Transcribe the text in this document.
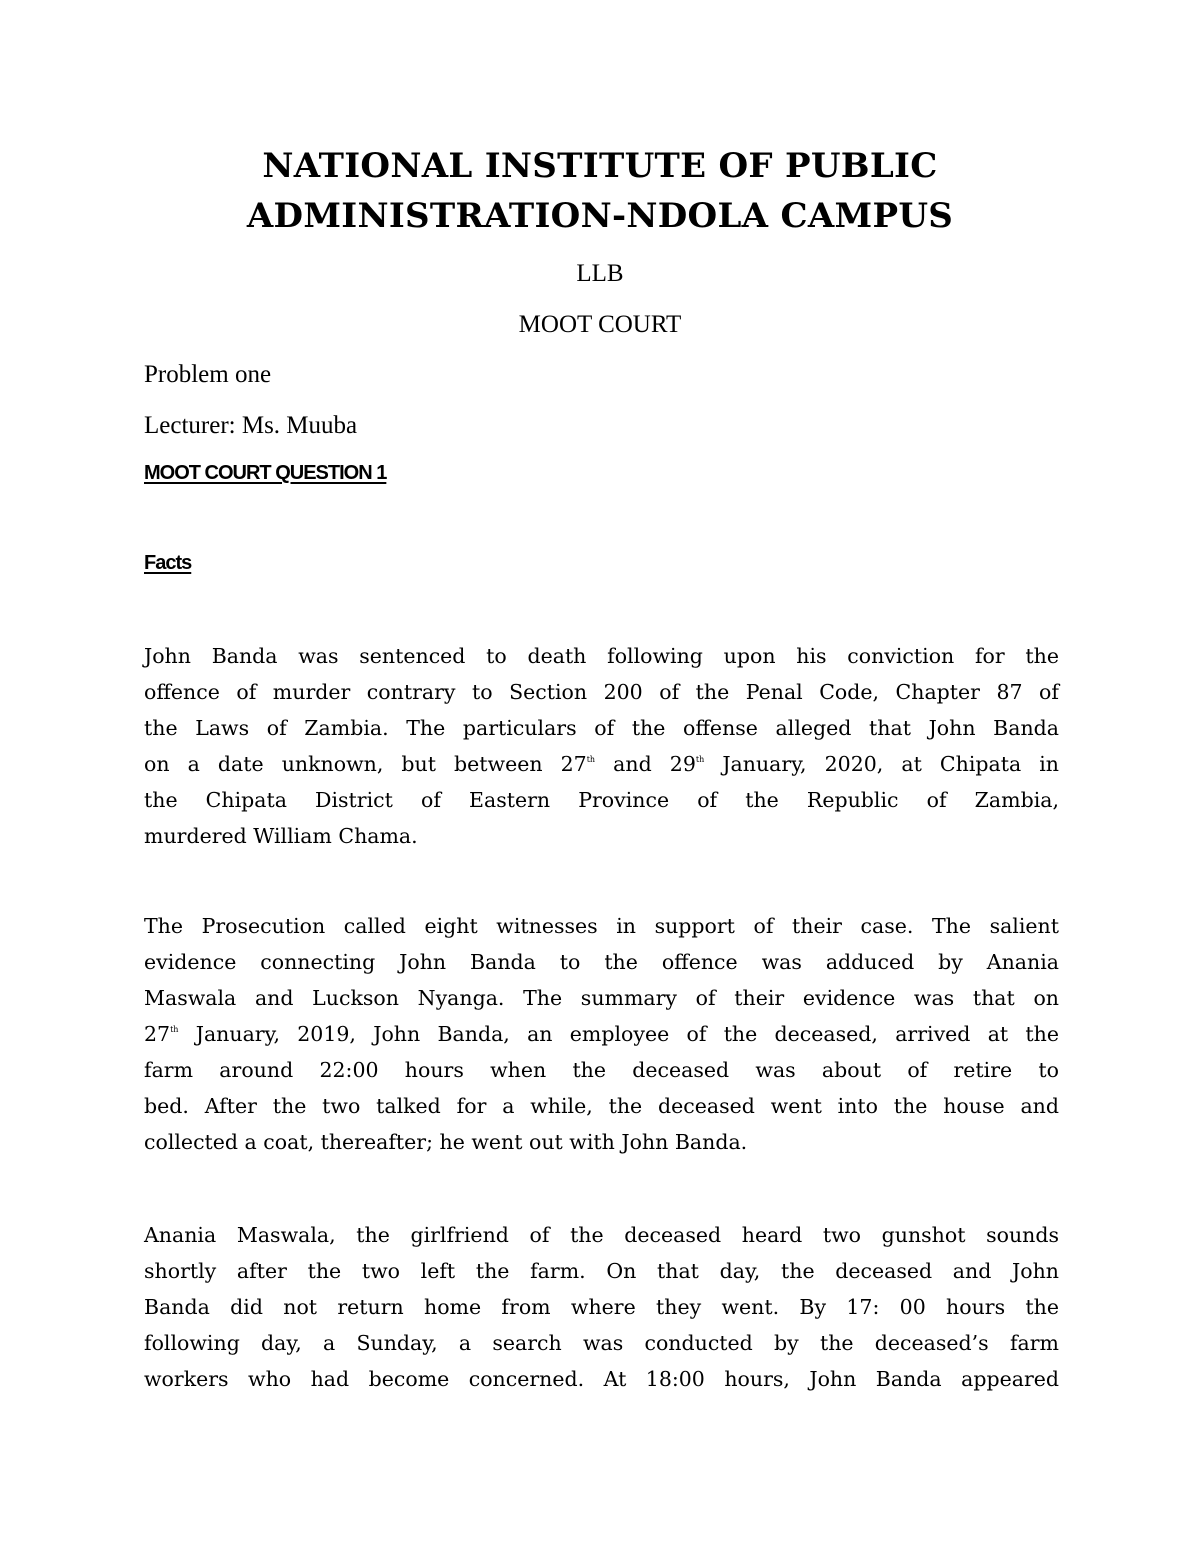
NATIONAL INSTITUTE OF PUBLIC
ADMINISTRATION-NDOLA CAMPUS
LLB
MOOT COURT
Problem one
Lecturer: Ms. Muuba
MOOT COURT QUESTION 1
Facts
John Banda was sentenced to death following upon his conviction for the
offence of murder contrary to Section 200 of the Penal Code, Chapter 87 of
the Laws of Zambia. The particulars of the offense alleged that John Banda
on a date unknown, but between 27th and 29th January, 2020, at Chipata in
the Chipata District of Eastern Province of the Republic of Zambia,
murdered William Chama.
The Prosecution called eight witnesses in support of their case. The salient
evidence connecting John Banda to the offence was adduced by Anania
Maswala and Luckson Nyanga. The summary of their evidence was that on
27th January, 2019, John Banda, an employee of the deceased, arrived at the
farm around 22:00 hours when the deceased was about of retire to
bed. After the two talked for a while, the deceased went into the house and
collected a coat, thereafter; he went out with John Banda.
Anania Maswala, the girlfriend of the deceased heard two gunshot sounds
shortly after the two left the farm. On that day, the deceased and John
Banda did not return home from where they went. By 17: 00 hours the
following day, a Sunday, a search was conducted by the deceased’s farm
workers who had become concerned. At 18:00 hours, John Banda appeared
